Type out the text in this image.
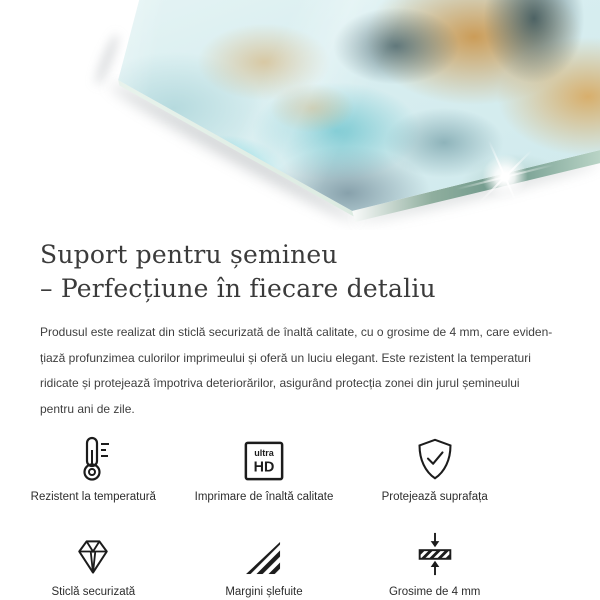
Suport pentru șemineu
– Perfecțiune în fiecare detaliu

Produsul este realizat din sticlă securizată de înaltă calitate, cu o grosime de 4 mm, care eviden-
țiază profunzimea culorilor imprimeului și oferă un luciu elegant. Este rezistent la temperaturi
ridicate și protejează împotriva deteriorărilor, asigurând protecția zonei din jurul șemineului
pentru ani de zile.

Rezistent la temperatură
ultra
HD
Imprimare de înaltă calitate	Protejează suprafața
Sticlă securizată	Margini șlefuite	Grosime de 4 mm
